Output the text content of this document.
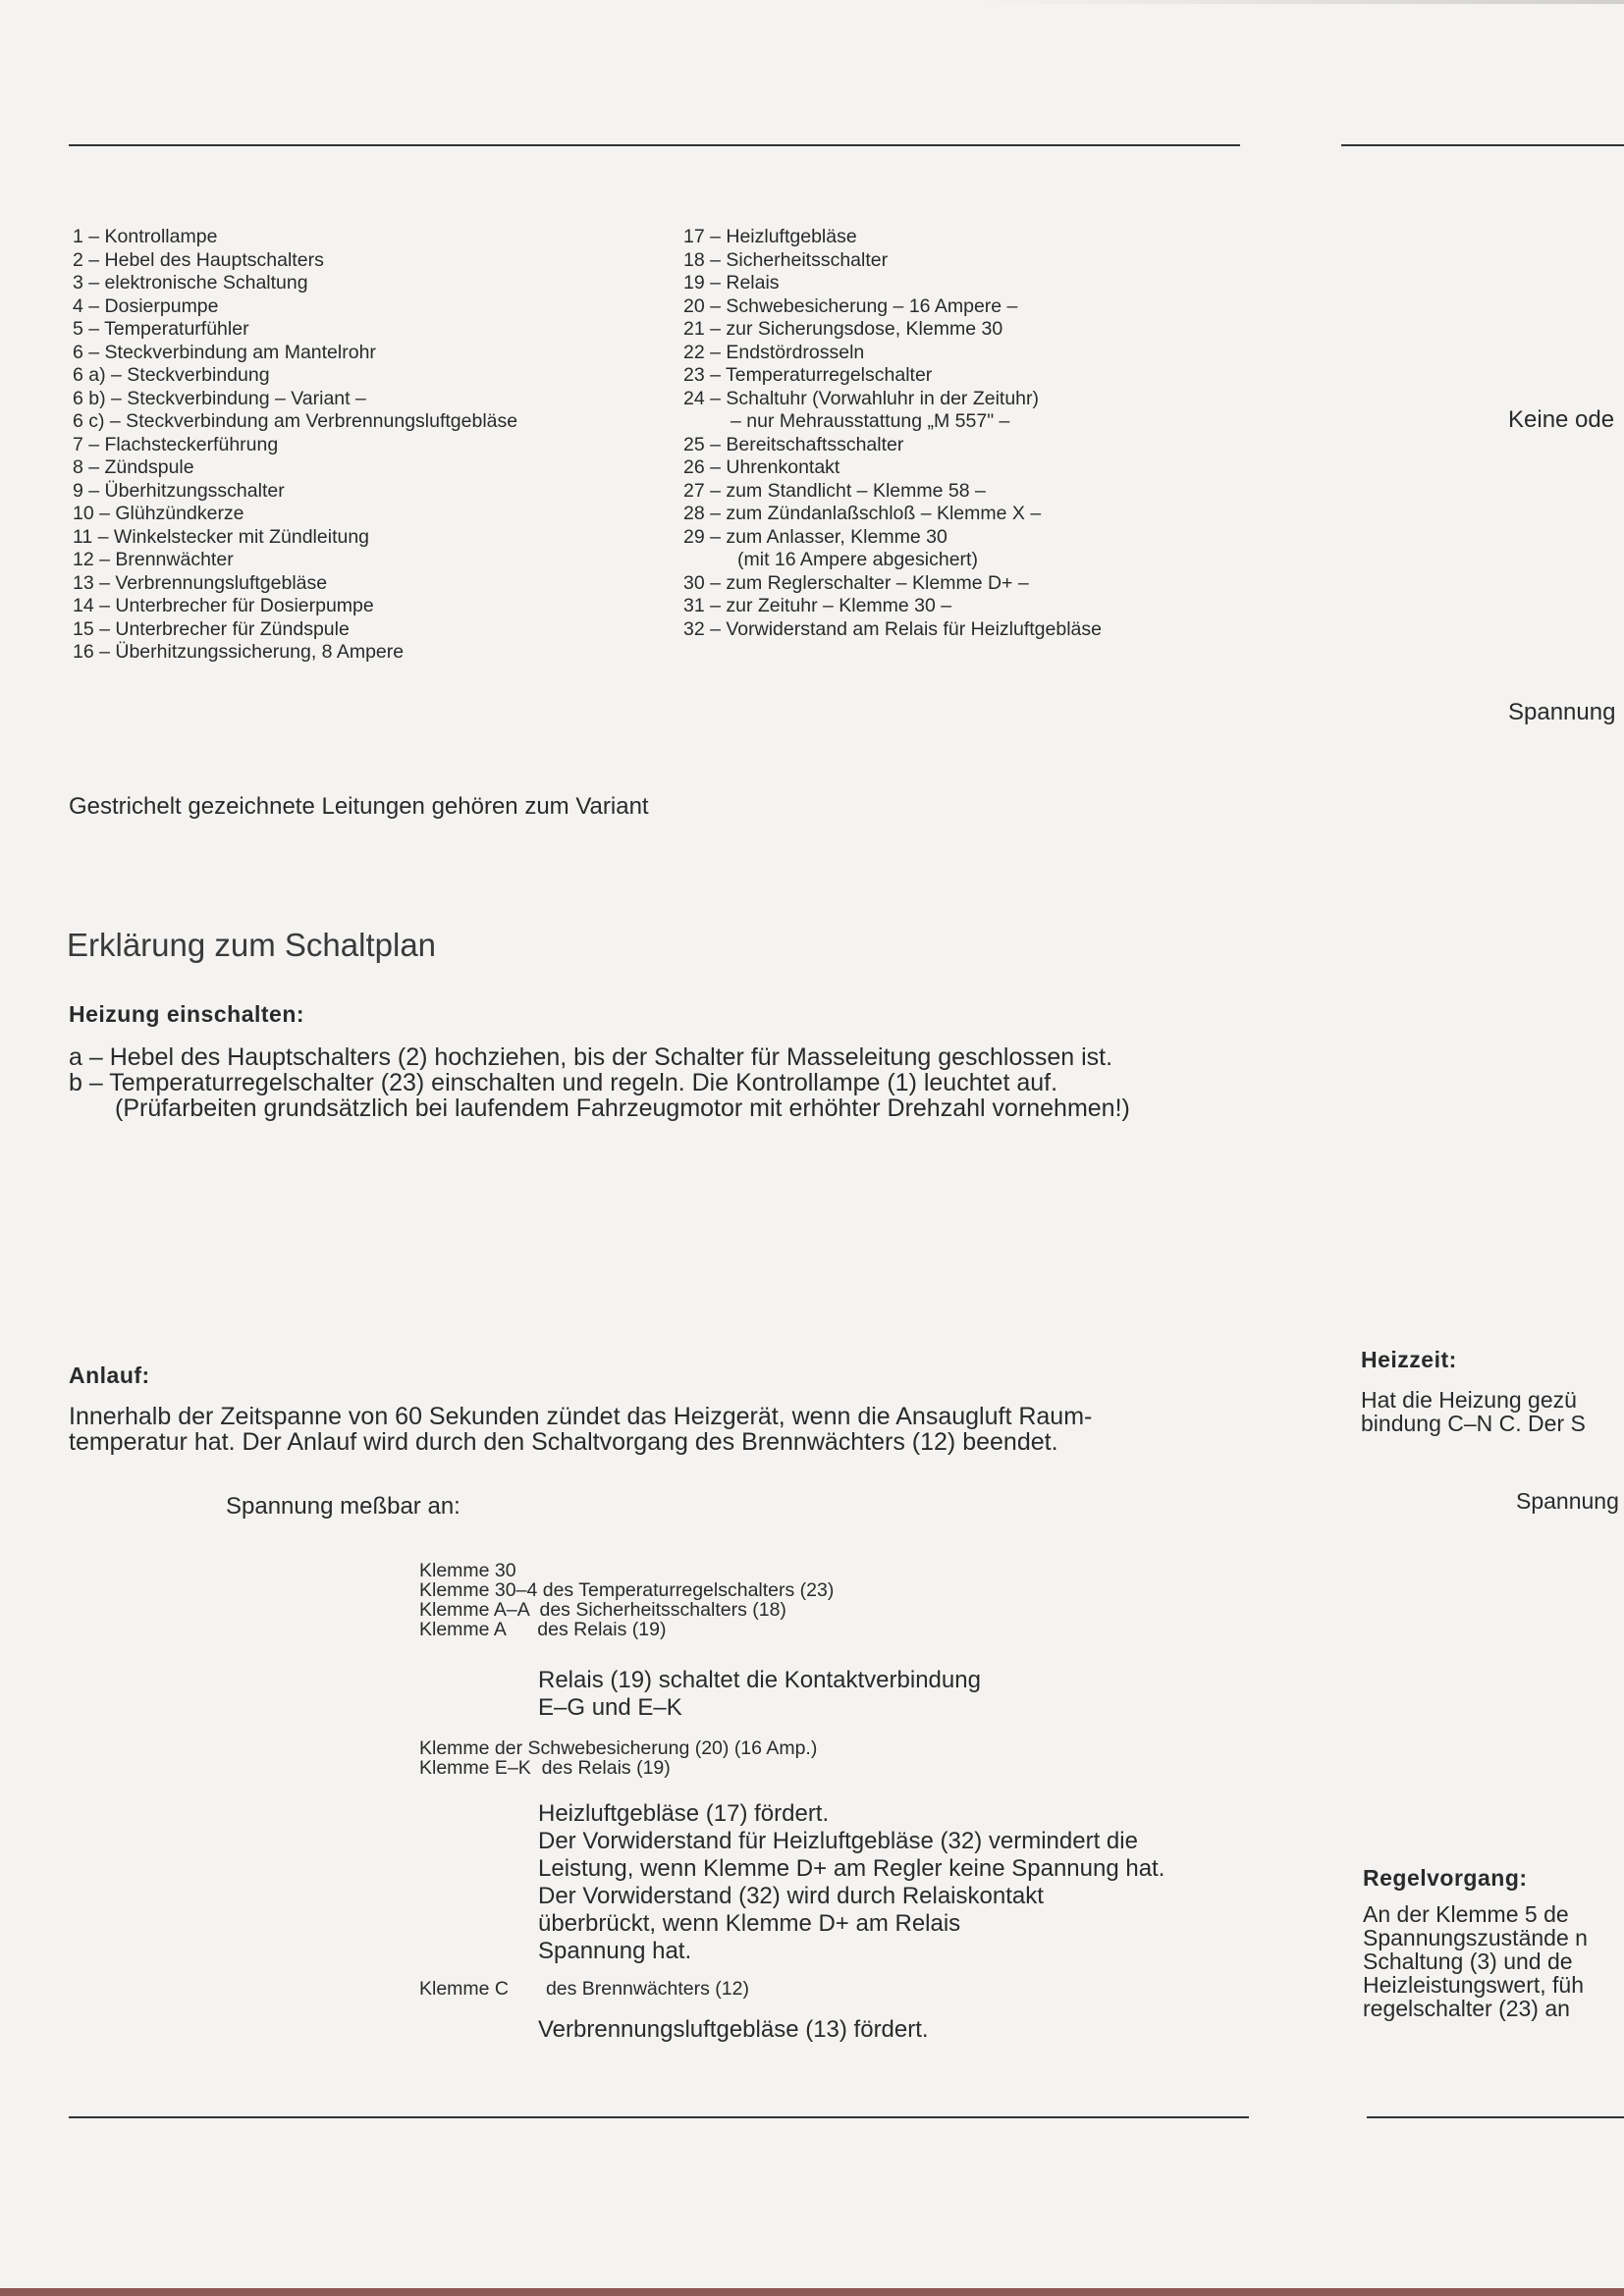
1 – Kontrollampe
2 – Hebel des Hauptschalters
3 – elektronische Schaltung
4 – Dosierpumpe
5 – Temperaturfühler
6 – Steckverbindung am Mantelrohr
6 a) – Steckverbindung
6 b) – Steckverbindung – Variant –
6 c) – Steckverbindung am Verbrennungsluftgebläse
7 – Flachsteckerführung
8 – Zündspule
9 – Überhitzungsschalter
10 – Glühzündkerze
11 – Winkelstecker mit Zündleitung
12 – Brennwächter
13 – Verbrennungsluftgebläse
14 – Unterbrecher für Dosierpumpe
15 – Unterbrecher für Zündspule
16 – Überhitzungssicherung, 8 Ampere
17 – Heizluftgebläse
18 – Sicherheitsschalter
19 – Relais
20 – Schwebesicherung – 16 Ampere –
21 – zur Sicherungsdose, Klemme 30
22 – Endstördrosseln
23 – Temperaturregelschalter
24 – Schaltuhr (Vorwahluhr in der Zeituhr)
– nur Mehrausstattung „M 557" –
25 – Bereitschaftsschalter
26 – Uhrenkontakt
27 – zum Standlicht – Klemme 58 –
28 – zum Zündanlaßschloß – Klemme X –
29 – zum Anlasser, Klemme 30
(mit 16 Ampere abgesichert)
30 – zum Reglerschalter – Klemme D+ –
31 – zur Zeituhr – Klemme 30 –
32 – Vorwiderstand am Relais für Heizluftgebläse
Gestrichelt gezeichnete Leitungen gehören zum Variant
Erklärung zum Schaltplan
Heizung einschalten:
a – Hebel des Hauptschalters (2) hochziehen, bis der Schalter für Masseleitung geschlossen ist.
b – Temperaturregelschalter (23) einschalten und regeln. Die Kontrollampe (1) leuchtet auf.
(Prüfarbeiten grundsätzlich bei laufendem Fahrzeugmotor mit erhöhter Drehzahl vornehmen!)
Anlauf:
Innerhalb der Zeitspanne von 60 Sekunden zündet das Heizgerät, wenn die Ansaugluft Raum-
temperatur hat. Der Anlauf wird durch den Schaltvorgang des Brennwächters (12) beendet.
Spannung meßbar an:
Klemme 30
Klemme 30–4 des Temperaturregelschalters (23)
Klemme A–A  des Sicherheitsschalters (18)
Klemme A      des Relais (19)
Relais (19) schaltet die Kontaktverbindung
E–G und E–K
Klemme der Schwebesicherung (20) (16 Amp.)
Klemme E–K  des Relais (19)
Heizluftgebläse (17) fördert.
Der Vorwiderstand für Heizluftgebläse (32) vermindert die
Leistung, wenn Klemme D+ am Regler keine Spannung hat.
Der Vorwiderstand (32) wird durch Relaiskontakt
überbrückt, wenn Klemme D+ am Relais
Spannung hat.
Klemme C       des Brennwächters (12)
Verbrennungsluftgebläse (13) fördert.
Keine ode
Spannung
Heizzeit:
Hat die Heizung gezü
bindung C–N C. Der S
Spannung
Regelvorgang:
An der Klemme 5 de
Spannungszustände n
Schaltung (3) und de
Heizleistungswert, füh
regelschalter (23) an
